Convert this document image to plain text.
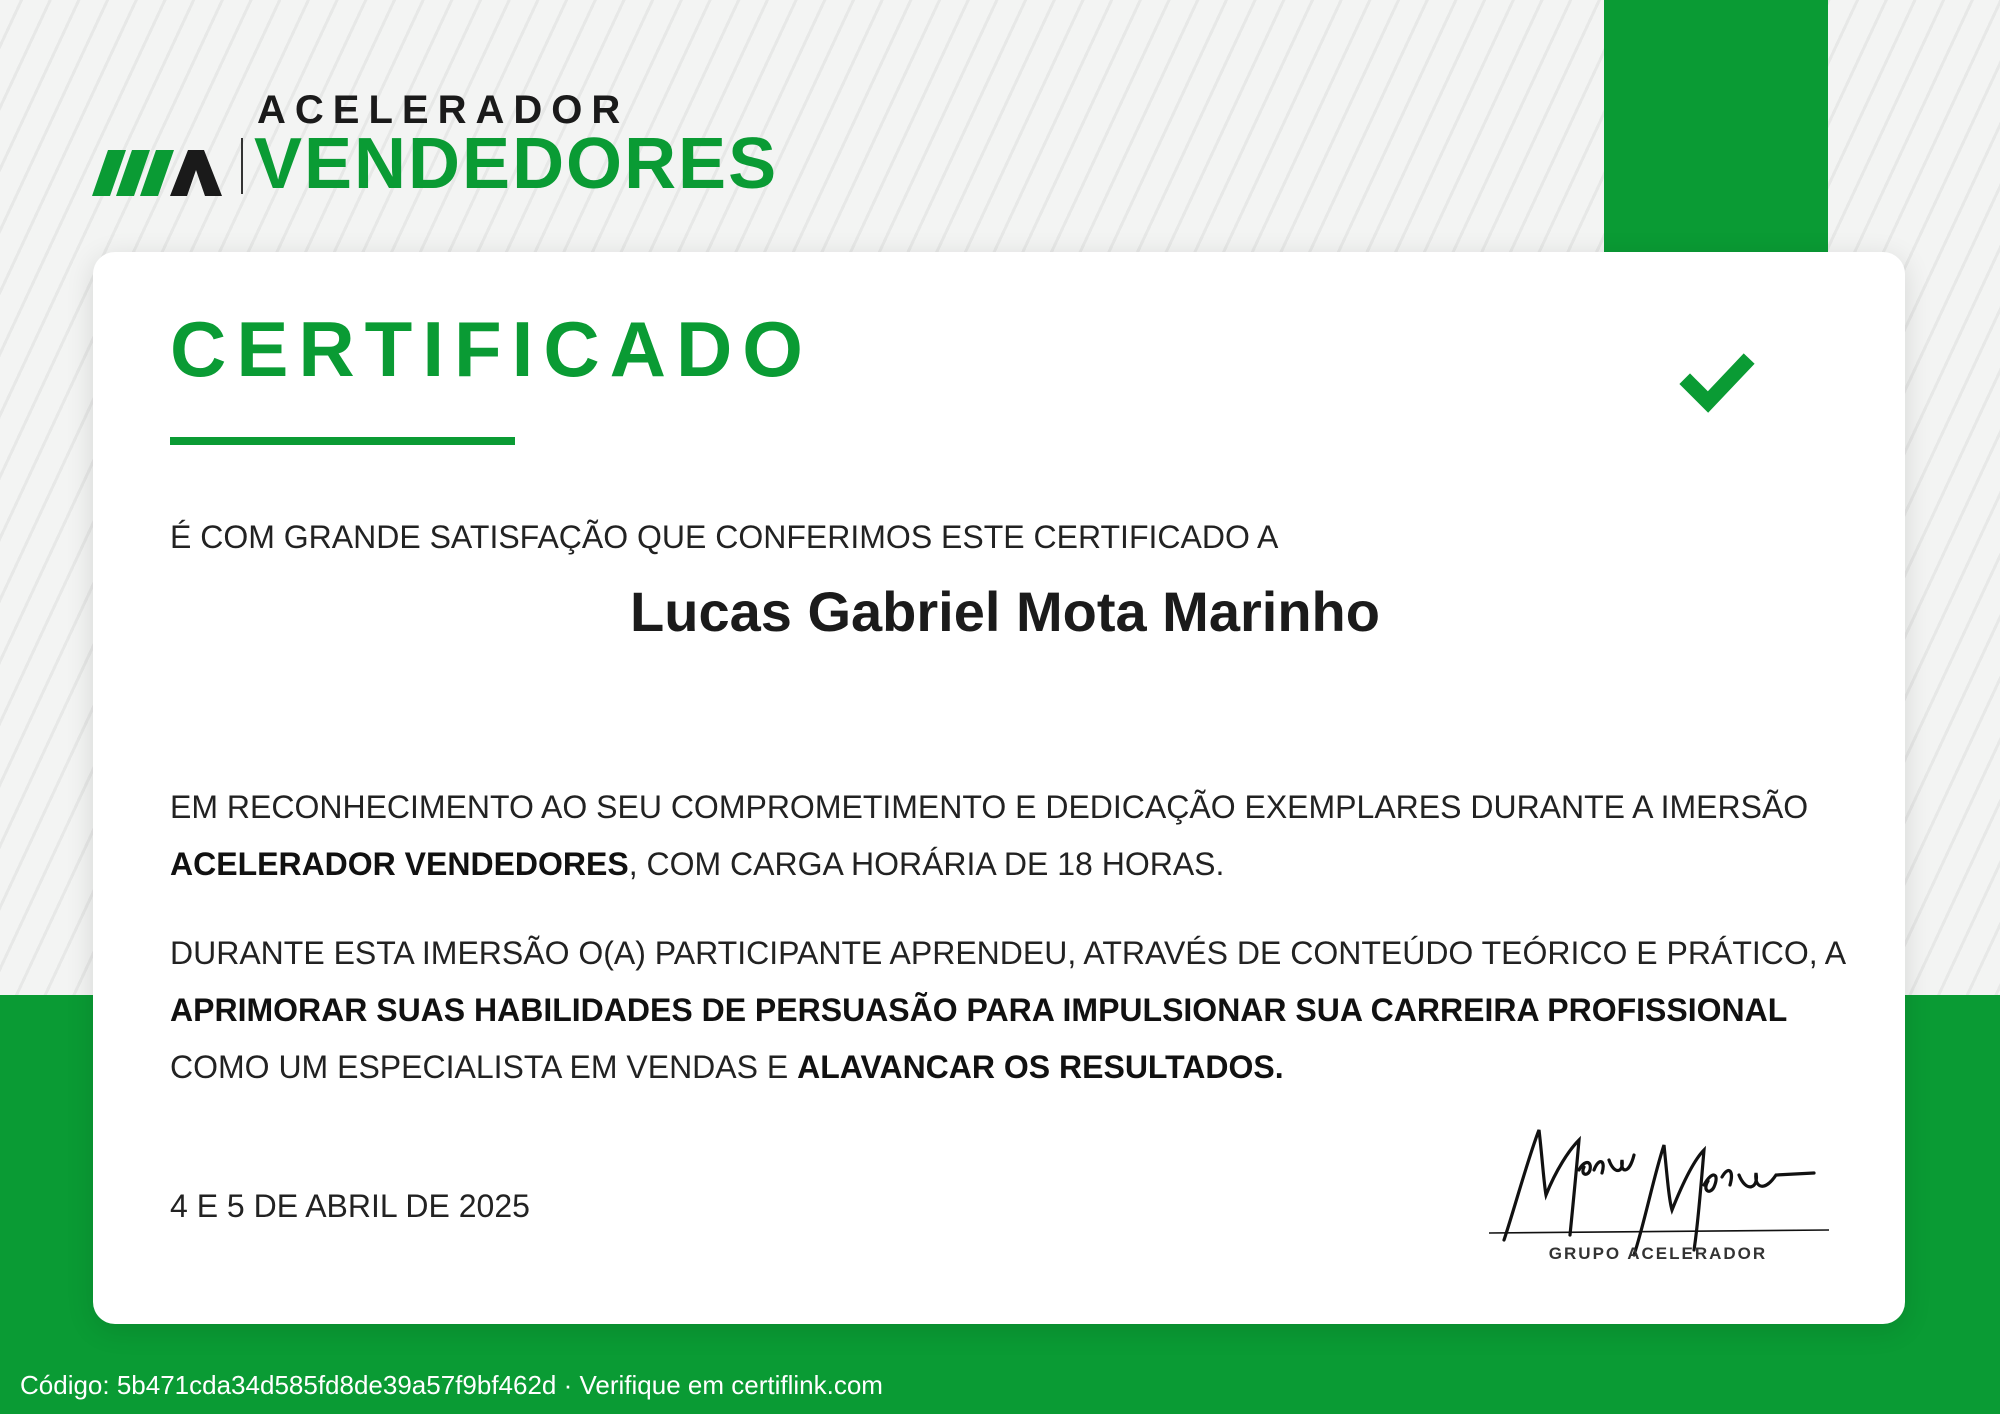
ACELERADOR
VENDEDORES
CERTIFICADO
É COM GRANDE SATISFAÇÃO QUE CONFERIMOS ESTE CERTIFICADO A
Lucas Gabriel Mota Marinho
EM RECONHECIMENTO AO SEU COMPROMETIMENTO E DEDICAÇÃO EXEMPLARES DURANTE A IMERSÃO ACELERADOR VENDEDORES, COM CARGA HORÁRIA DE 18 HORAS.
DURANTE ESTA IMERSÃO O(A) PARTICIPANTE APRENDEU, ATRAVÉS DE CONTEÚDO TEÓRICO E PRÁTICO, A APRIMORAR SUAS HABILIDADES DE PERSUASÃO PARA IMPULSIONAR SUA CARREIRA PROFISSIONAL COMO UM ESPECIALISTA EM VENDAS E ALAVANCAR OS RESULTADOS.
4 E 5 DE ABRIL DE 2025
GRUPO ACELERADOR
Código: 5b471cda34d585fd8de39a57f9bf462d · Verifique em certiflink.com
